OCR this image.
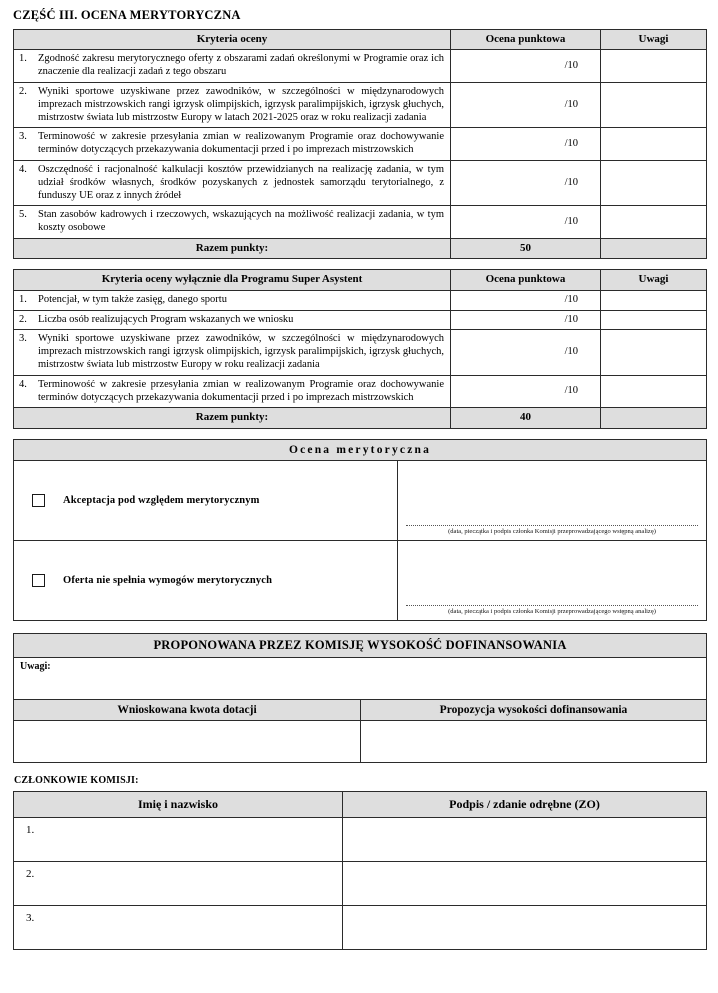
CZĘŚĆ III. OCENA MERYTORYCZNA
Kryteria oceny	Ocena punktowa	Uwagi

1. Zgodność zakresu merytorycznego oferty z obszarami zadań określonymi w Programie oraz ich znaczenie dla realizacji zadań z tego obszaru	/10	

2. Wyniki sportowe uzyskiwane przez zawodników, w szczególności w międzynarodowych imprezach mistrzowskich rangi igrzysk olimpijskich, igrzysk paralimpijskich, igrzysk głuchych, mistrzostw świata lub mistrzostw Europy w latach 2021-2025 oraz w roku realizacji zadania	/10	

3. Terminowość w zakresie przesyłania zmian w realizowanym Programie oraz dochowywanie terminów dotyczących przekazywania dokumentacji przed i po imprezach mistrzowskich	/10	

4. Oszczędność i racjonalność kalkulacji kosztów przewidzianych na realizację zadania, w tym udział środków własnych, środków pozyskanych z jednostek samorządu terytorialnego, z funduszy UE oraz z innych źródeł	/10	

5. Stan zasobów kadrowych i rzeczowych, wskazujących na możliwość realizacji zadania, w tym koszty osobowe	/10	
Razem punkty:	50	
Kryteria oceny wyłącznie dla Programu Super Asystent	Ocena punktowa	Uwagi

1. Potencjał, w tym także zasięg, danego sportu	/10	

2. Liczba osób realizujących Program wskazanych we wniosku	/10	

3. Wyniki sportowe uzyskiwane przez zawodników, w szczególności w międzynarodowych imprezach mistrzowskich rangi igrzysk olimpijskich, igrzysk paralimpijskich, igrzysk głuchych, mistrzostw świata lub mistrzostw Europy w roku realizacji zadania	/10	

4. Terminowość w zakresie przesyłania zmian w realizowanym Programie oraz dochowywanie terminów dotyczących przekazywania dokumentacji przed i po imprezach mistrzowskich	/10	
Razem punkty:	40	
Ocena merytoryczna	

Akceptacja pod względem merytorycznym	(data, pieczątka i podpis członka Komisji przeprowadzającego wstępną analizę)

Oferta nie spełnia wymogów merytorycznych	(data, pieczątka i podpis członka Komisji przeprowadzającego wstępną analizę)
PROPONOWANA PRZEZ KOMISJĘ WYSOKOŚĆ DOFINANSOWANIA	
Uwagi:	
Wnioskowana kwota dotacji	Propozycja wysokości dofinansowania

CZŁONKOWIE KOMISJI:
Imię i nazwisko	Podpis / zdanie odrębne (ZO)
1.	
2.	
3.	
